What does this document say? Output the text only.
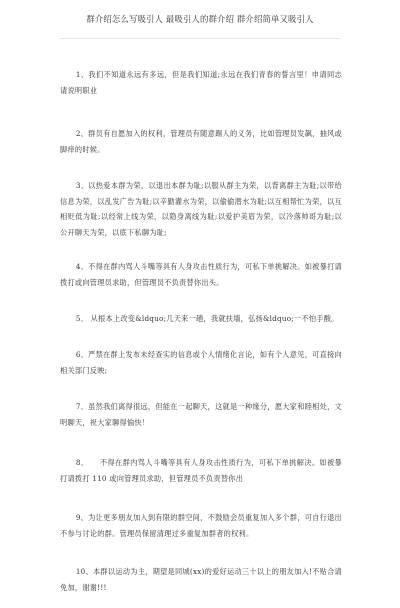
群介绍怎么写吸引人 最吸引人的群介绍 群介绍简单又吸引人

1、我们不知道永远有多远，但是我们知道;永远在我们青春的誓言里！申请同志请说明职业

2、群员有自愿加入的权利，管理员有随意踢人的义务，比如管理员发飙，抽风或脚痒的时候。

3、以热爱本群为荣，以退出本群为耻;以服从群主为荣，以背离群主为耻;以带给信息为荣，以乱发广告为耻;以辛勤灌水为荣，以偷偷潜水为耻;以互相帮忙为荣，以互相贬低为耻;以经常上线为荣，以隐身离线为耻;以爱护美眉为荣，以冷落帅哥为耻;以公开聊天为荣，以底下私聊为耻;

4、不得在群内骂人斗嘴等具有人身攻击性质行为，可私下单挑解决。如被暴打请拨打或向管理员求助，但管理员不负责替你出头。

5、 从根本上改变&ldquo;几天来一趟，我就扶墙，弘扬&ldquo;一不怕手酸。

6、严禁在群上发布未经查实的信息或个人情绪化言论，如有个人意见，可直接向相关部门反映;

7、虽然我们离得很远，但能在一起聊天，这就是一种缘分，愿大家和睦相处，文明聊天，祝大家聊得愉快！

8、　　不得在群内骂人斗嘴等具有人身攻击性质行为，可私下单挑解决。如被暴打请拨打 110 或向管理员求助，但管理员不负责替你出

9、为让更多朋友加入到有限的群空间，不鼓励会员重复加入多个群，可自行退出不参与讨论的群。管理员保留清理过多重复加群者的权利。

10、本群以运动为主，期望是同城(xx)的爱好运动三十以上的朋友加入!不贴合请免加，谢谢!!!
